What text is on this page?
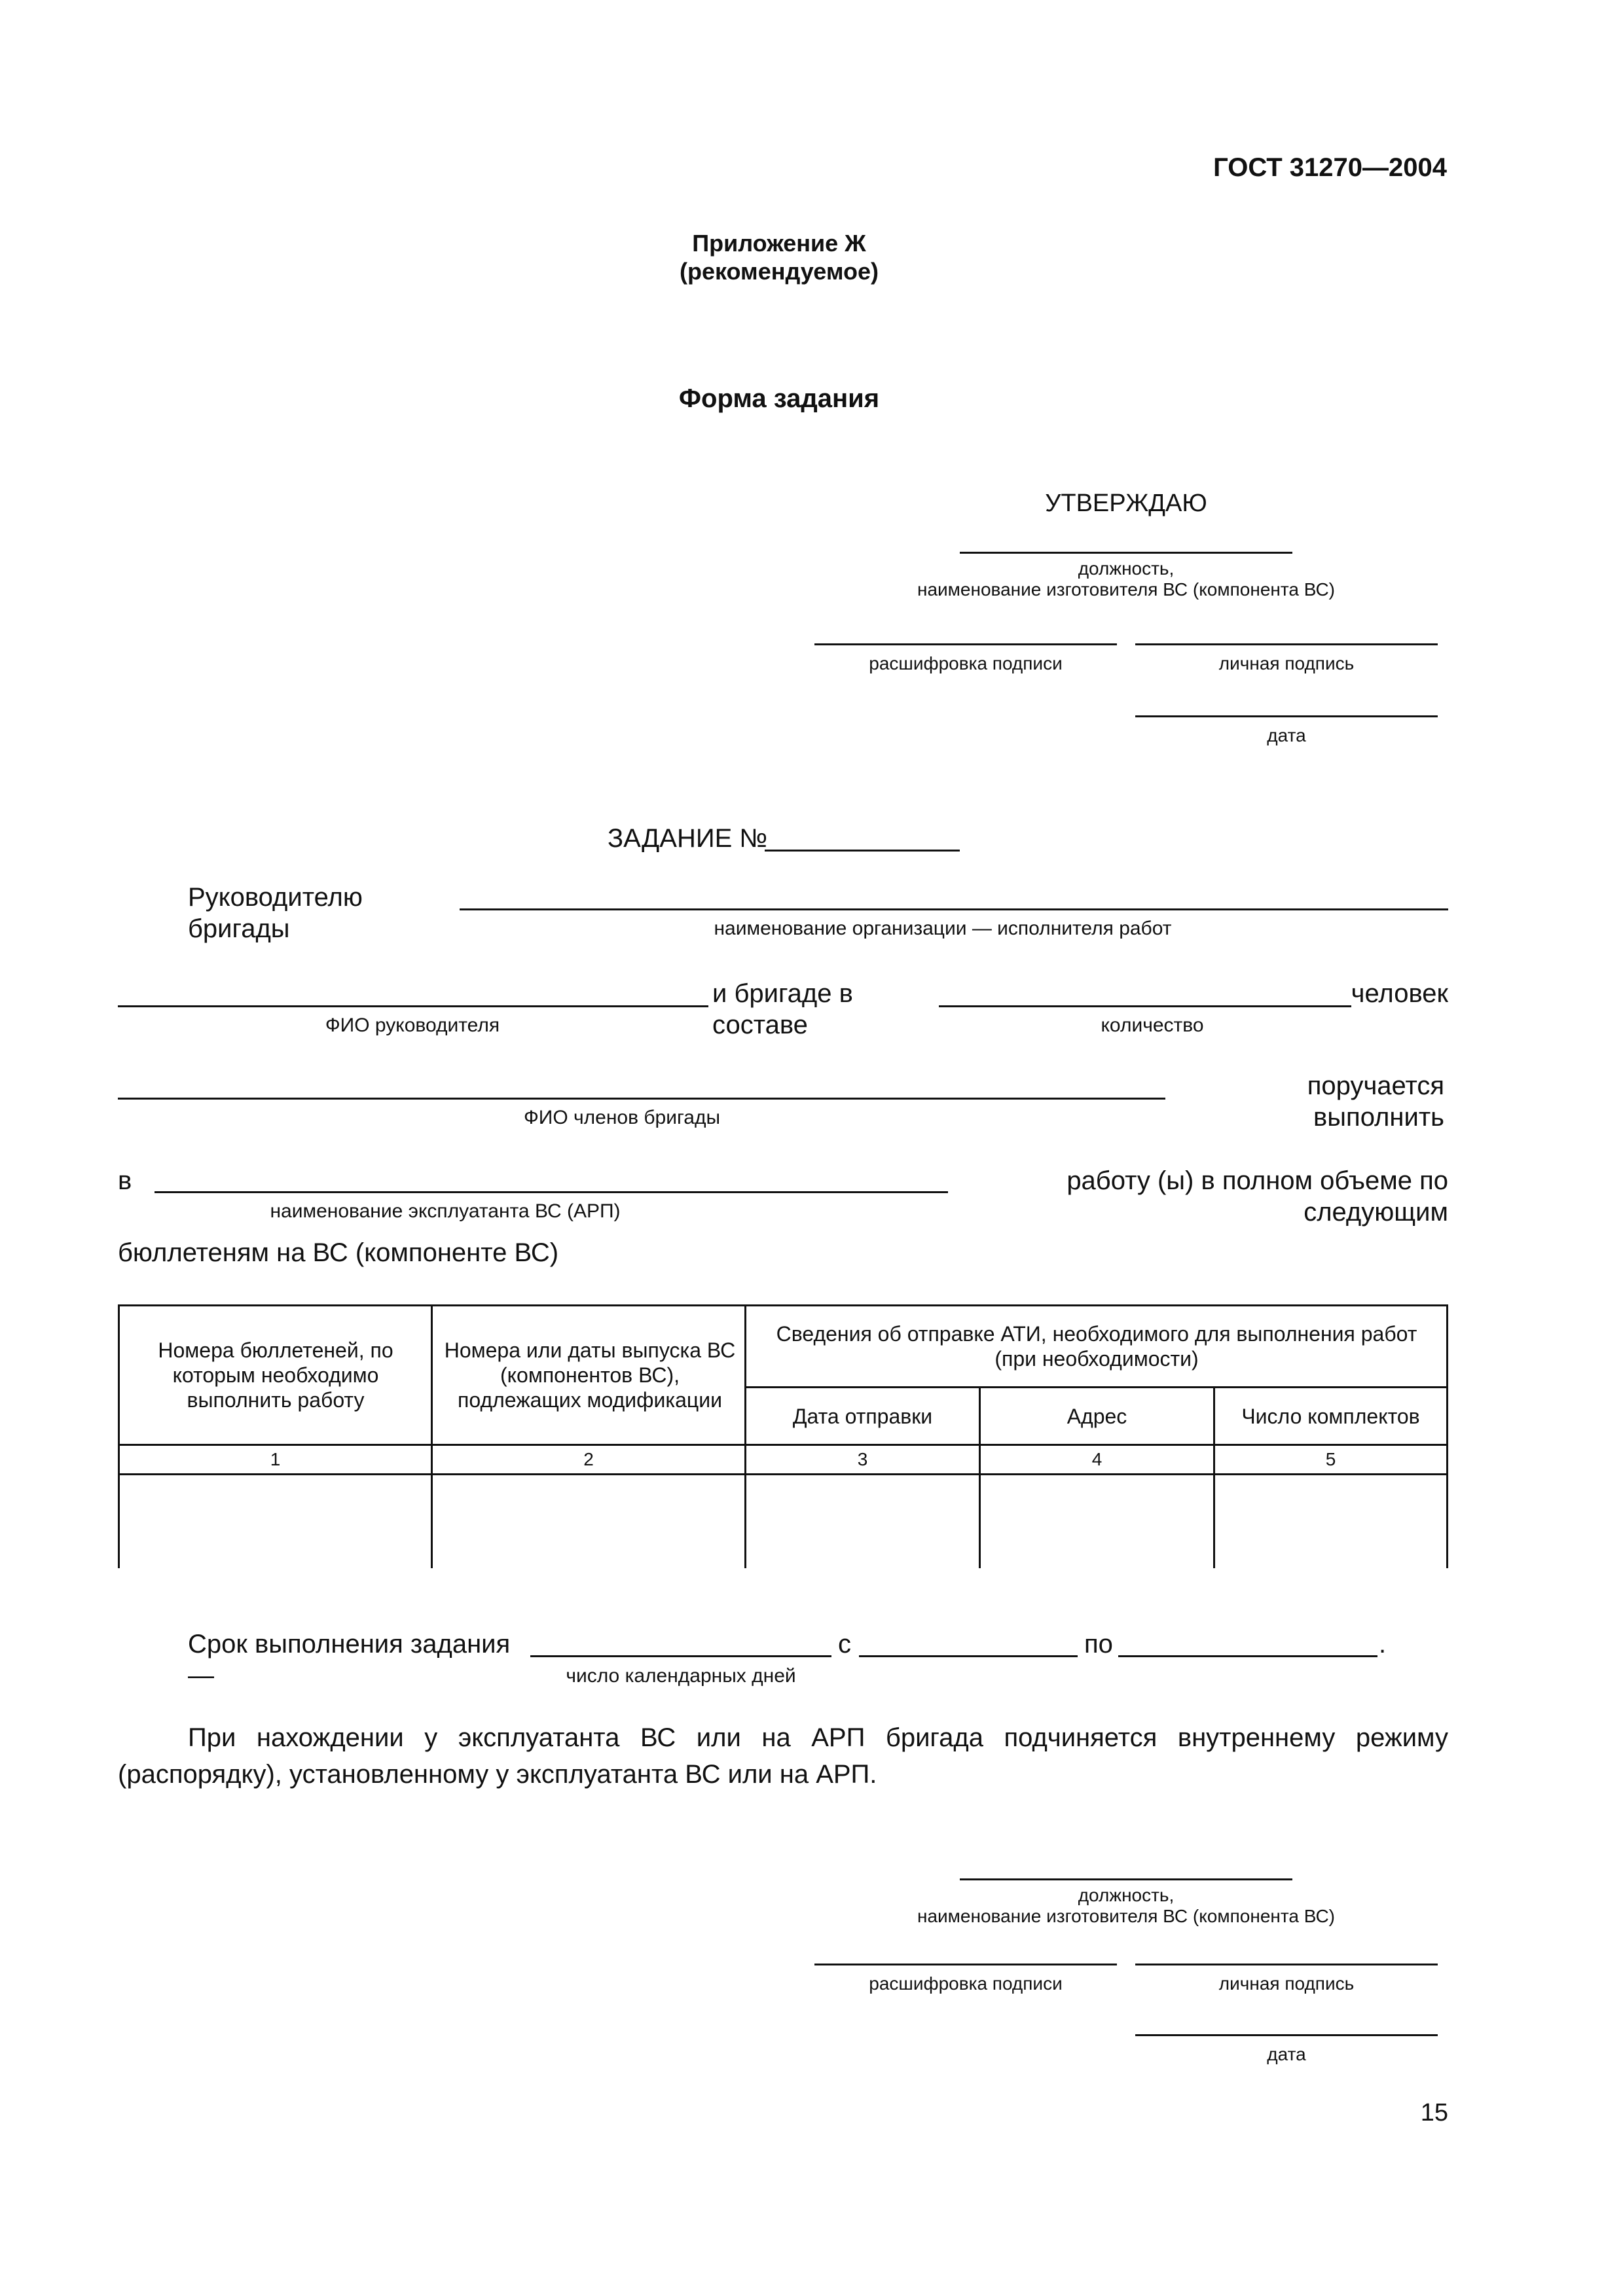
ГОСТ 31270—2004
Приложение Ж
(рекомендуемое)
Форма задания
УТВЕРЖДАЮ
должность,
наименование изготовителя ВС (компонента ВС)
расшифровка подписи	личная подпись
дата
ЗАДАНИЕ №
Руководителю бригады	наименование организации — исполнителя работ
и бригаде в составе
человек
ФИО руководителя	количество
поручается выполнить
ФИО членов бригады
в	работу (ы) в полном объеме по следующим
наименование эксплуатанта ВС (АРП)
бюллетеням на ВС (компоненте ВС)
Номера бюллетеней, по которым необходимо выполнить работу
Номера или даты выпуска ВС (компонентов ВС), подлежащих модификации
Сведения об отправке АТИ, необходимого для выполнения работ (при необходимости)
Дата отправки	Адрес	Число комплектов
1	2	3	4	5
Срок выполнения задания —
с	по	.
число календарных дней
При нахождении у эксплуатанта ВС или на АРП бригада подчиняется внутреннему режиму (распорядку), установленному у эксплуатанта ВС или на АРП.
должность,
наименование изготовителя ВС (компонента ВС)
расшифровка подписи	личная подпись
дата
15
